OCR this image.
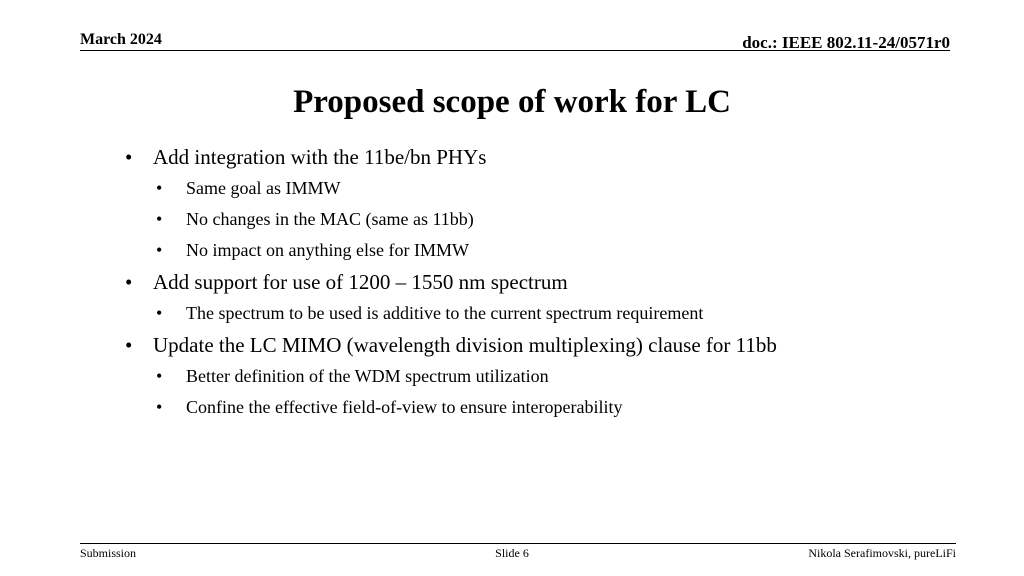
March 2024	doc.: IEEE 802.11-24/0571r0
Proposed scope of work for LC
• Add integration with the 11be/bn PHYs
• Same goal as IMMW
• No changes in the MAC (same as 11bb)
• No impact on anything else for IMMW
• Add support for use of 1200 – 1550 nm spectrum
• The spectrum to be used is additive to the current spectrum requirement
• Update the LC MIMO (wavelength division multiplexing) clause for 11bb
• Better definition of the WDM spectrum utilization
• Confine the effective field-of-view to ensure interoperability
Submission	Slide 6	Nikola Serafimovski, pureLiFi
